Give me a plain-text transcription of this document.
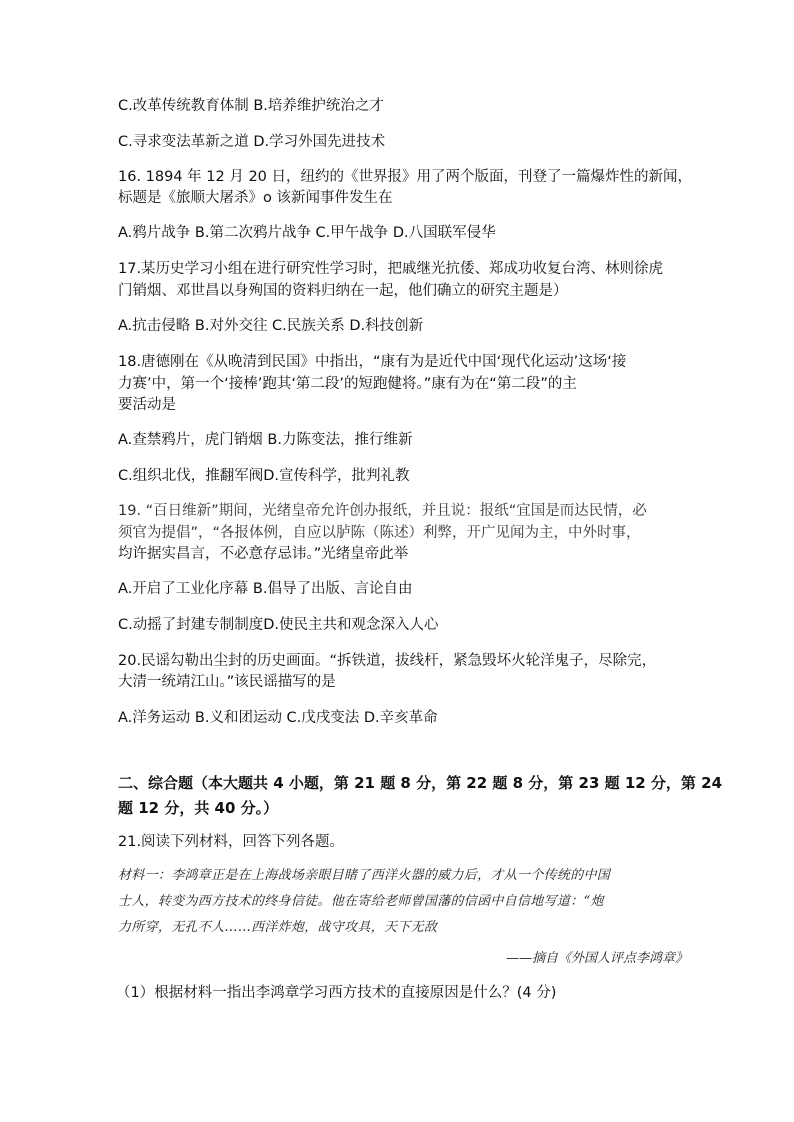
C.改革传统教育体制 B.培养维护统治之才
C.寻求变法革新之道 D.学习外国先进技术
16. 1894 年 12 月 20 日，纽约的《世界报》用了两个版面，刊登了一篇爆炸性的新闻，
标题是《旅顺大屠杀》o 该新闻事件发生在
A.鸦片战争 B.第二次鸦片战争 C.甲午战争 D.八国联军侵华
17.某历史学习小组在进行研究性学习时，把戚继光抗倭、郑成功收复台湾、林则徐虎
门销烟、邓世昌以身殉国的资料归纳在一起，他们确立的研究主题是）
A.抗击侵略 B.对外交往 C.民族关系 D.科技创新
18.唐德刚在《从晚清到民国》中指出，“康有为是近代中国‘现代化运动’这场‘接
力赛’中，第一个‘接棒’跑其‘第二段’的短跑健将。”康有为在“第二段”的主
要活动是
A.查禁鸦片，虎门销烟 B.力陈变法，推行维新
C.组织北伐，推翻军阀D.宣传科学，批判礼教
19. “百日维新”期间，光绪皇帝允许创办报纸，并且说：报纸“宜国是而达民情，必
须官为提倡”，“各报体例，自应以胪陈（陈述）利弊，开广见闻为主，中外时事，
均许据实昌言，不必意存忌讳。”光绪皇帝此举
A.开启了工业化序幕 B.倡导了出版、言论自由
C.动摇了封建专制制度D.使民主共和观念深入人心
20.民谣勾勒出尘封的历史画面。“拆铁道，拔线杆，紧急毁坏火轮洋鬼子，尽除完，
大清一统靖江山。”该民谣描写的是
A.洋务运动 B.义和团运动 C.戊戌变法 D.辛亥革命
二、综合题（本大题共 4 小题，第 21 题 8 分，第 22 题 8 分，第 23 题 12 分，第 24
题 12 分，共 40 分。）
21.阅读下列材料，回答下列各题。
材料一：李鸿章正是在上海战场亲眼目睹了西洋火器的威力后，才从一个传统的中国
士人，转变为西方技术的终身信徒。他在寄给老师曾国藩的信函中自信地写道：“炮
力所穿，无孔不人……西洋炸炮，战守攻具，天下无敌
——摘自《外国人评点李鸿章》
（1）根据材料一指出李鸿章学习西方技术的直接原因是什么？(4 分)
